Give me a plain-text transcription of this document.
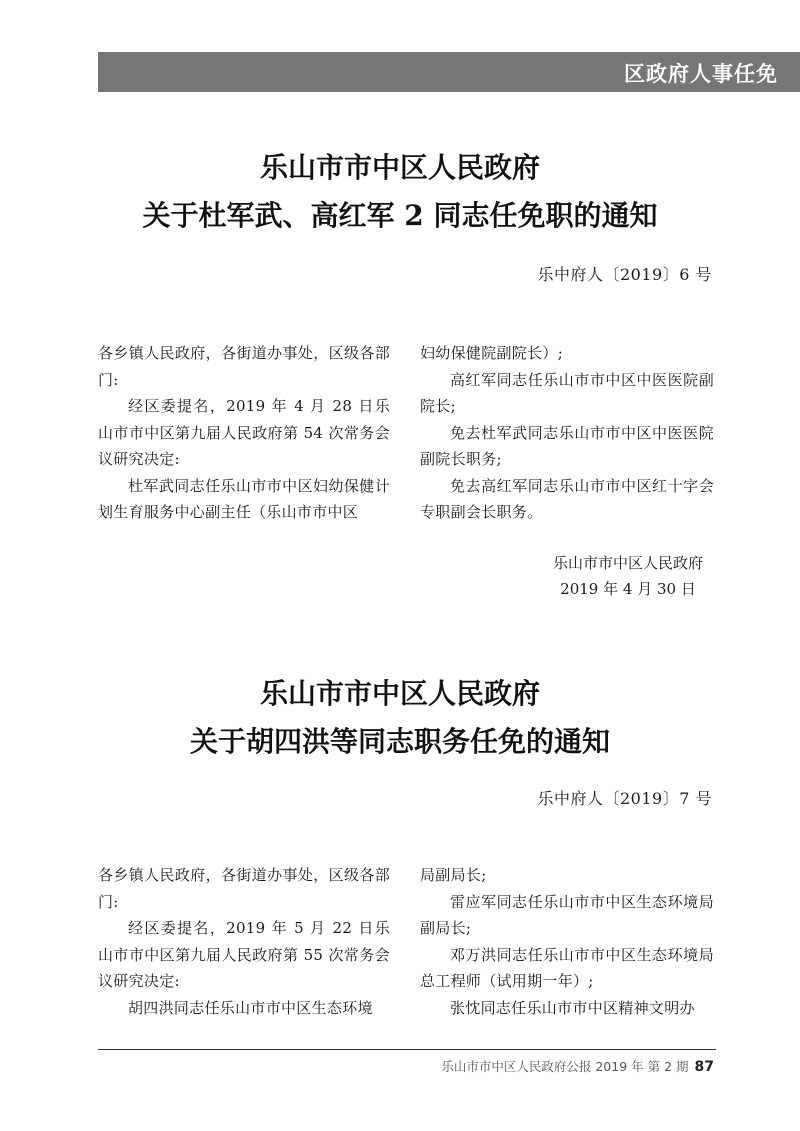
区政府人事任免
乐山市市中区人民政府
关于杜军武、高红军 2 同志任免职的通知
乐中府人〔2019〕6 号

各乡镇人民政府，各街道办事处，区级各部门:

经区委提名，2019 年 4 月 28 日乐山市市中区第九届人民政府第 54 次常务会议研究决定:

杜军武同志任乐山市市中区妇幼保健计划生育服务中心副主任（乐山市市中区

妇幼保健院副院长）;

高红军同志任乐山市市中区中医医院副院长;

免去杜军武同志乐山市市中区中医医院副院长职务;

免去高红军同志乐山市市中区红十字会专职副会长职务。

乐山市市中区人民政府
2019 年 4 月 30 日
乐山市市中区人民政府
关于胡四洪等同志职务任免的通知
乐中府人〔2019〕7 号

各乡镇人民政府，各街道办事处，区级各部门:

经区委提名，2019 年 5 月 22 日乐山市市中区第九届人民政府第 55 次常务会议研究决定:

胡四洪同志任乐山市市中区生态环境

局副局长;

雷应军同志任乐山市市中区生态环境局副局长;

邓万洪同志任乐山市市中区生态环境局总工程师（试用期一年）;

张忱同志任乐山市市中区精神文明办

乐山市市中区人民政府公报 2019 年 第 2 期 87
